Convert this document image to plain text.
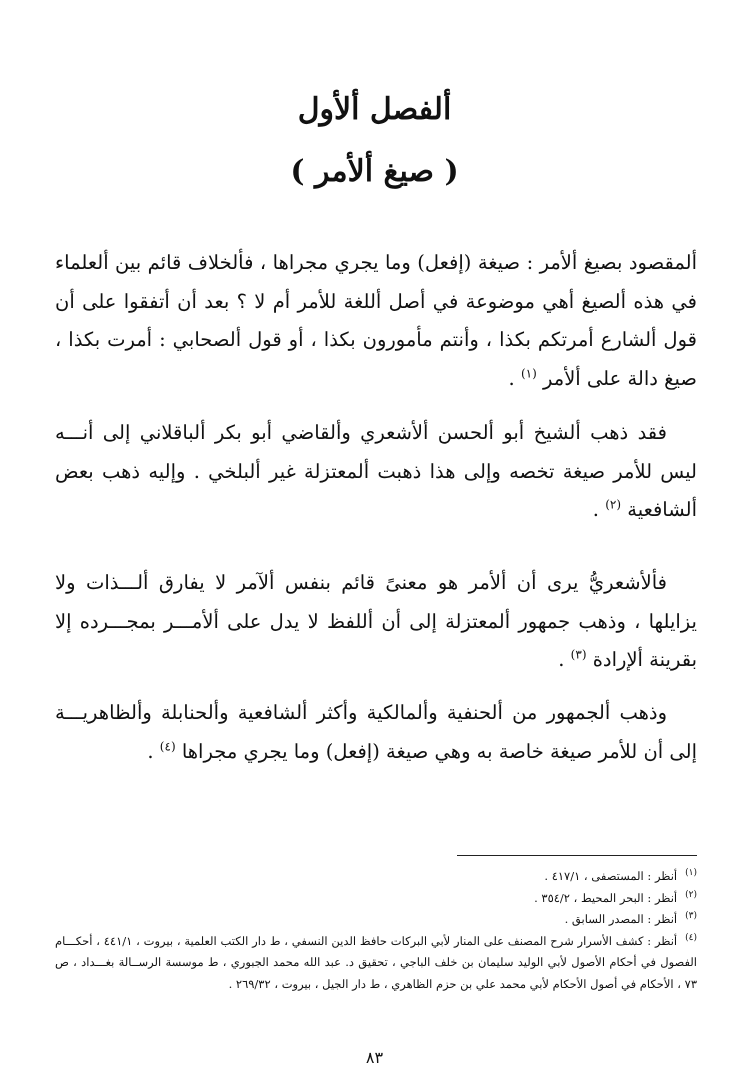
ألفصل ألأول
( صيغ ألأمر )
ألمقصود بصيغ ألأمر : صيغة (إفعل) وما يجري مجراها ، فألخلاف قائم بين ألعلماء في هذه ألصيغ أهي موضوعة في أصل أللغة للأمر أم لا ؟ بعد أن أتفقوا على أن قول ألشارع أمرتكم بكذا ، وأنتم مأمورون بكذا ، أو قول ألصحابي : أمرت بكذا ، صيغ دالة على ألأمر $^{(١)}$ .
فقد ذهب ألشيخ أبو ألحسن ألأشعري وألقاضي أبو بكر ألباقلاني إلى أنـــه ليس للأمر صيغة تخصه وإلى هذا ذهبت ألمعتزلة غير ألبلخي . وإليه ذهب بعض ألشافعية $^{(٢)}$ .
فألأشعريُّ يرى أن ألأمر هو معنىً قائم بنفس ألآمر لا يفارق ألـــذات ولا يزايلها ، وذهب جمهور ألمعتزلة إلى أن أللفظ لا يدل على ألأمـــر بمجـــرده إلا بقرينة ألإرادة $^{(٣)}$ .
وذهب ألجمهور من ألحنفية وألمالكية وأكثر ألشافعية وألحنابلة وألظاهريـــة إلى أن للأمر صيغة خاصة به وهي صيغة (إفعل) وما يجري مجراها $^{(٤)}$ .
$^{(١)}$أنظر : المستصفى ، ٤١٧/١ .
$^{(٢)}$أنظر : البحر المحيط ، ٣٥٤/٢ .
$^{(٣)}$أنظر : المصدر السابق .
$^{(٤)}$أنظر : كشف الأسرار شرح المصنف على المنار لأبي البركات حافظ الدين النسفي ، ط دار الكتب العلمية ، بيروت ، ٤٤١/١ ، أحكـــام الفصول في أحكام الأصول لأبي الوليد سليمان بن خلف الباجي ، تحقيق د. عبد الله محمد الجبوري ، ط موسسة الرســالة بغـــداد ، ص ٧٣ ، الأحكام في أصول الأحكام لأبي محمد علي بن حزم الظاهري ، ط دار الجيل ، بيروت ، ٢٦٩/٣٢ .
٨٣
